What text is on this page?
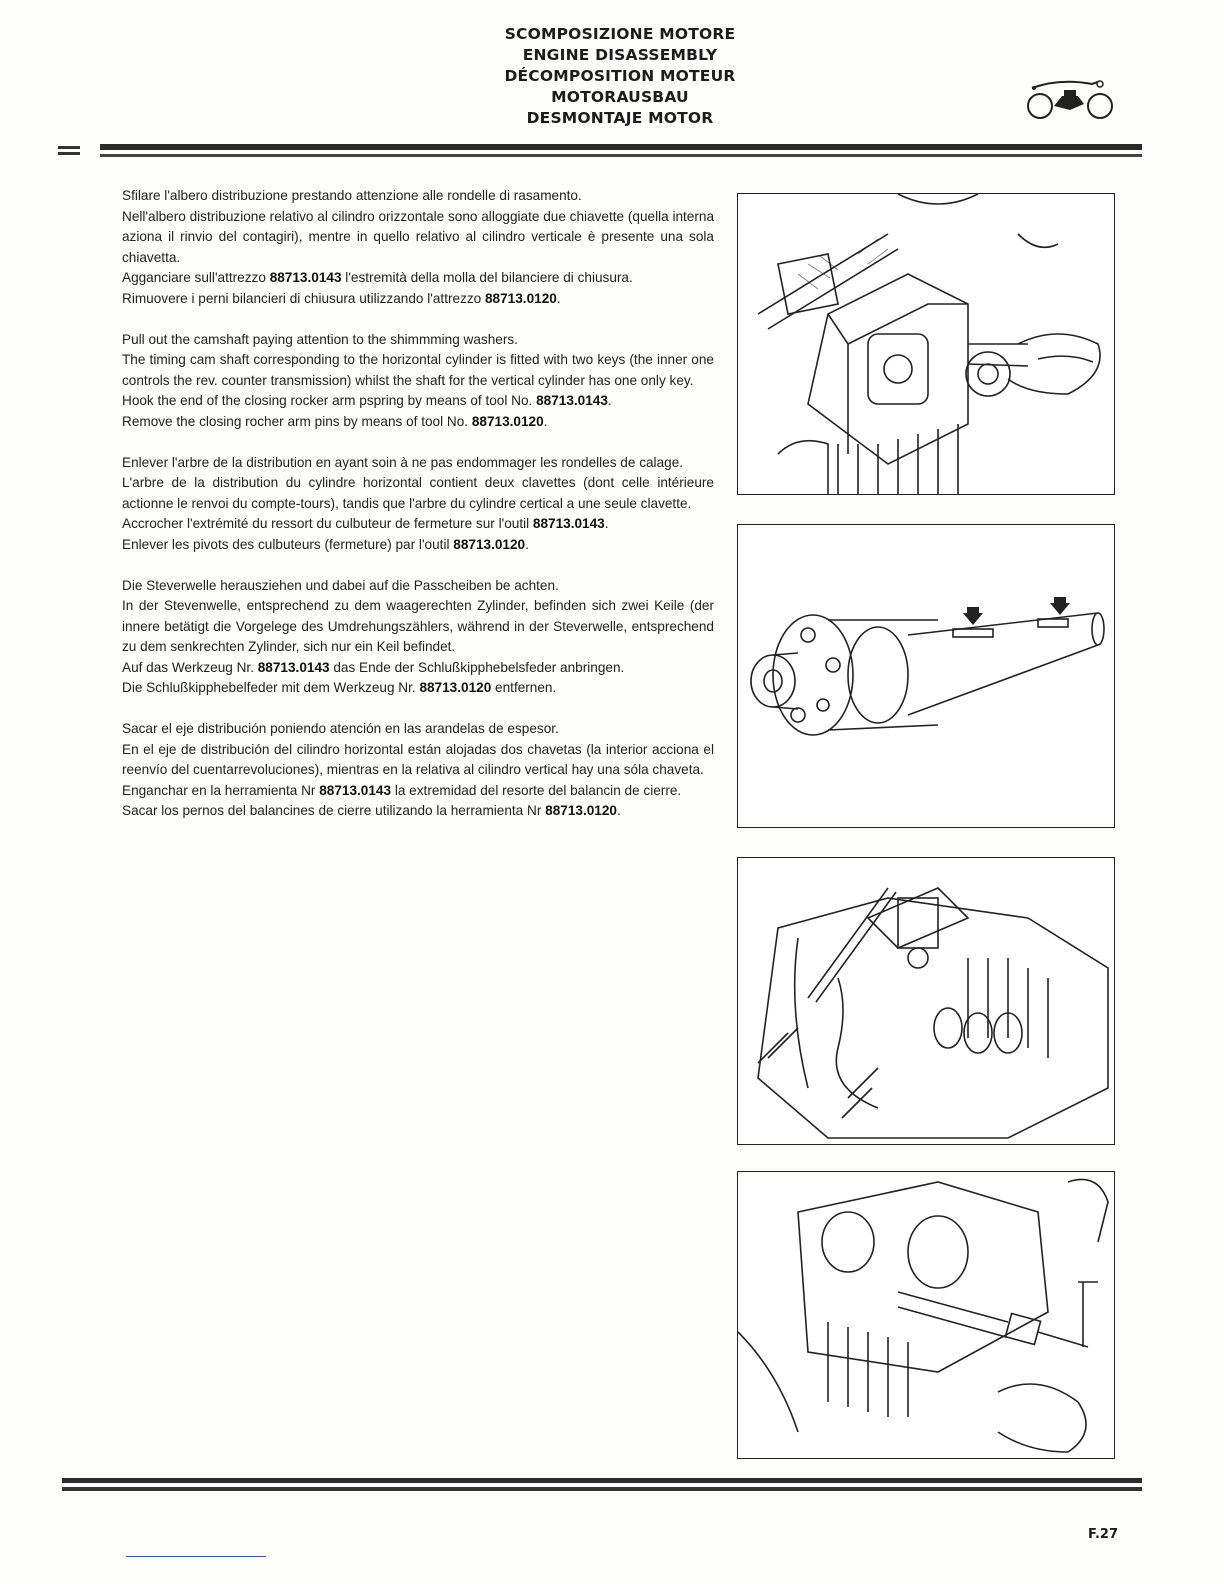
SCOMPOSIZIONE MOTORE
ENGINE DISASSEMBLY
DÉCOMPOSITION MOTEUR
MOTORAUSBAU
DESMONTAJE MOTOR

Sfilare l'albero distribuzione prestando attenzione alle rondelle di rasamento.

Nell'albero distribuzione relativo al cilindro orizzontale sono alloggiate due chiavette (quella interna aziona il rinvio del contagiri), mentre in quello relativo al cilindro verticale è presente una sola chiavetta.

Agganciare sull'attrezzo 88713.0143 l'estremità della molla del bilanciere di chiusura.

Rimuovere i perni bilancieri di chiusura utilizzando l'attrezzo 88713.0120.

Pull out the camshaft paying attention to the shimmming washers.

The timing cam shaft corresponding to the horizontal cylinder is fitted with two keys (the inner one controls the rev. counter transmission) whilst the shaft for the vertical cylinder has one only key.

Hook the end of the closing rocker arm pspring by means of tool No. 88713.0143.

Remove the closing rocher arm pins by means of tool No. 88713.0120.

Enlever l'arbre de la distribution en ayant soin à ne pas endommager les rondelles de calage.

L'arbre de la distribution du cylindre horizontal contient deux clavettes (dont celle intérieure actionne le renvoi du compte-tours), tandis que l'arbre du cylindre certical a une seule clavette.

Accrocher l'extrémité du ressort du culbuteur de fermeture sur l'outil 88713.0143.

Enlever les pivots des culbuteurs (fermeture) par l'outil 88713.0120.

Die Steverwelle herausziehen und dabei auf die Passcheiben be achten.

In der Stevenwelle, entsprechend zu dem waagerechten Zylinder, befinden sich zwei Keile (der innere betätigt die Vorgelege des Umdrehungszählers, während in der Steverwelle, entsprechend zu dem senkrechten Zylinder, sich nur ein Keil befindet.

Auf das Werkzeug Nr. 88713.0143 das Ende der Schlußkipphebelsfeder anbringen.

Die Schlußkipphebelfeder mit dem Werkzeug Nr. 88713.0120 entfernen.

Sacar el eje distribución poniendo atención en las arandelas de espesor.

En el eje de distribución del cilindro horizontal están alojadas dos chavetas (la interior acciona el reenvío del cuentarrevoluciones), mientras en la relativa al cilindro vertical hay una sóla chaveta.

Enganchar en la herramienta Nr 88713.0143 la extremidad del resorte del balancin de cierre.

Sacar los pernos del balancines de cierre utilizando la herramienta Nr 88713.0120.

F.27
